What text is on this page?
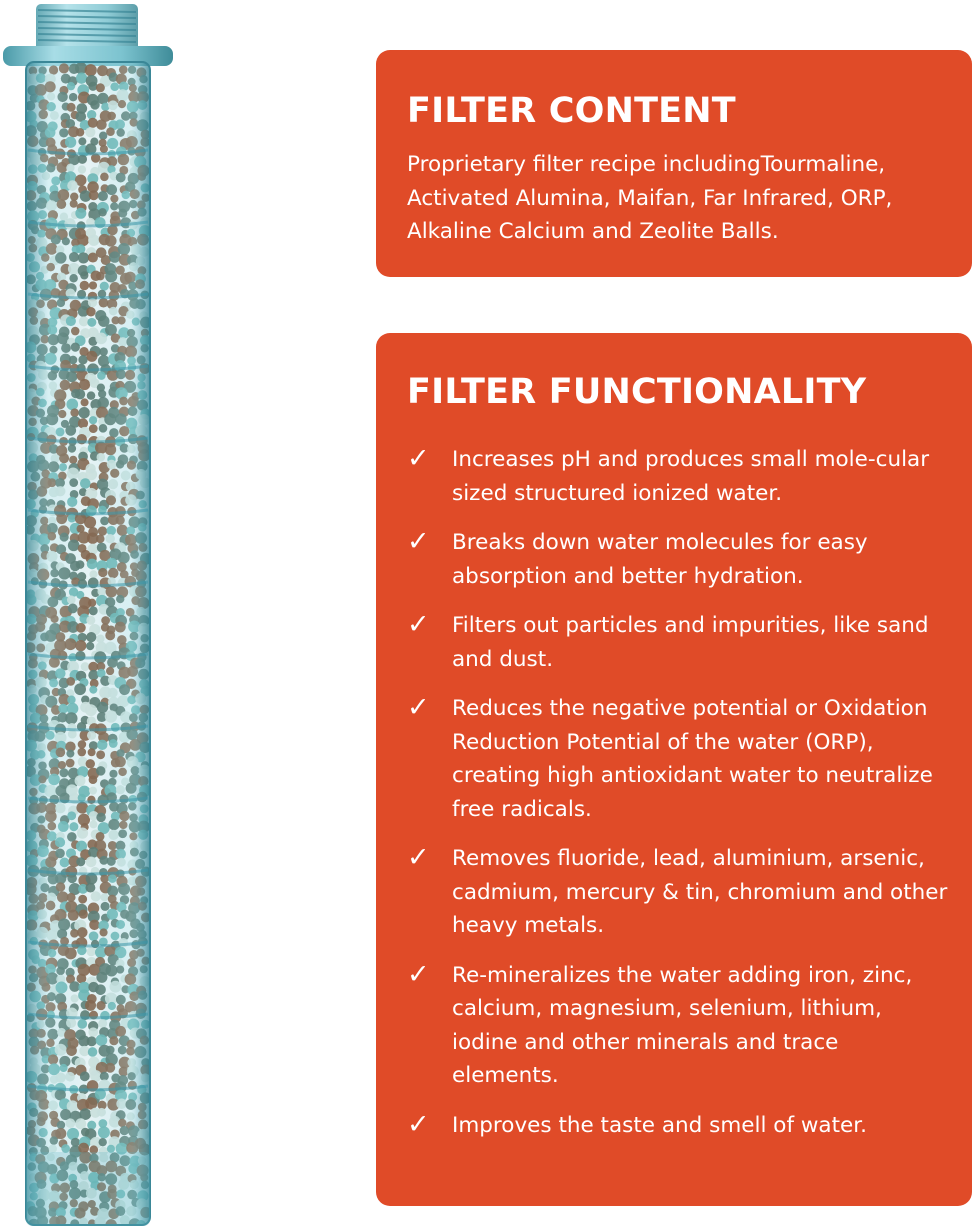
FILTER CONTENT

Proprietary filter recipe includingTourmaline, Activated Alumina, Maifan, Far Infrared, ORP, Alkaline Calcium and Zeolite Balls.

FILTER FUNCTIONALITY
✓ Increases pH and produces small mole-cular sized structured ionized water.
✓ Breaks down water molecules for easy absorption and better hydration.
✓ Filters out particles and impurities, like sand and dust.
✓ Reduces the negative potential or Oxidation Reduction Potential of the water (ORP), creating high antioxidant water to neutralize free radicals.
✓ Removes fluoride, lead, aluminium, arsenic, cadmium, mercury & tin, chromium and other heavy metals.
✓ Re-mineralizes the water adding iron, zinc, calcium, magnesium, selenium, lithium, iodine and other minerals and trace elements.
✓ Improves the taste and smell of water.
